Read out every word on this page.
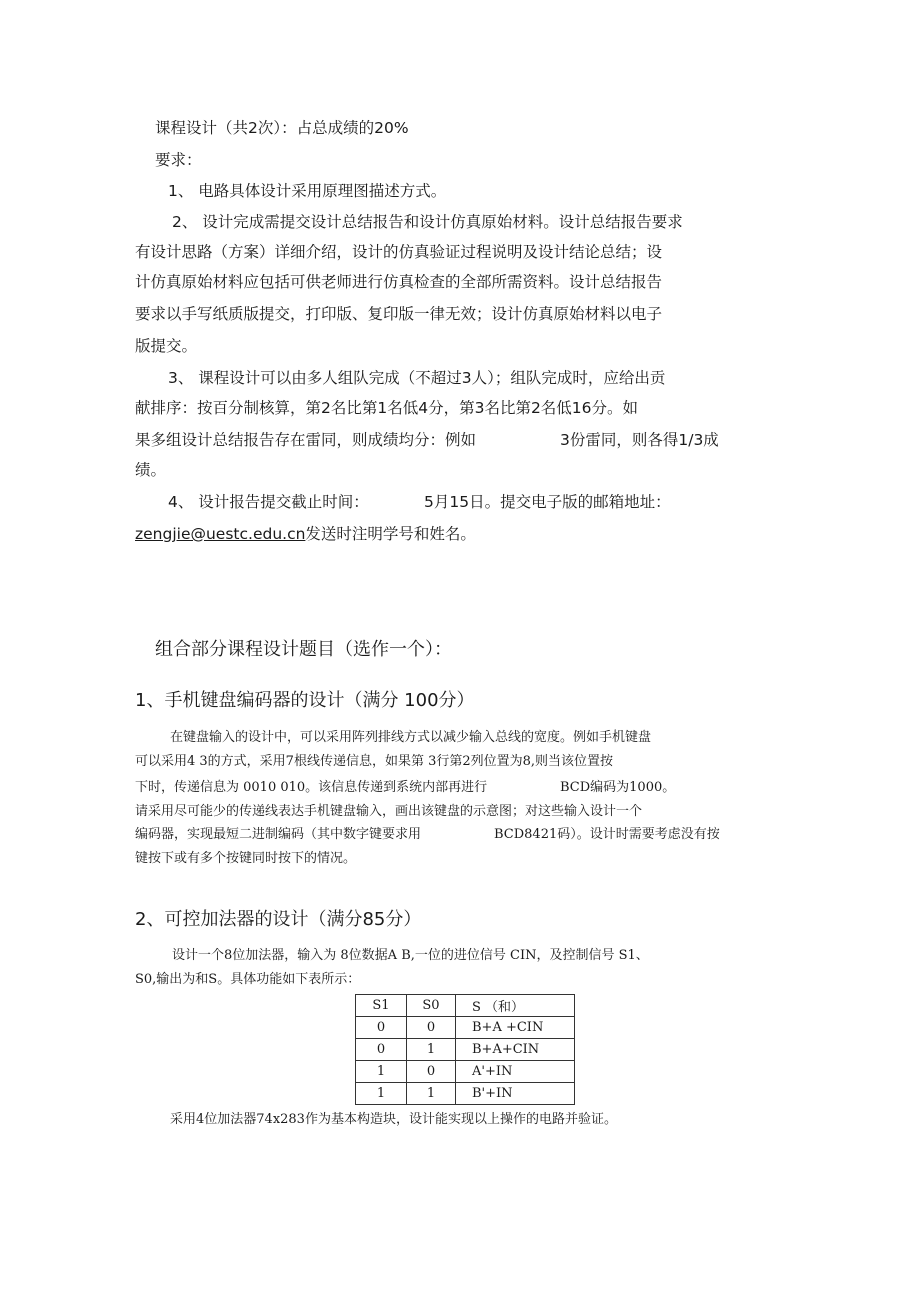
课程设计（共2次）：占总成绩的20%
要求：
1、 电路具体设计采用原理图描述方式。
2、 设计完成需提交设计总结报告和设计仿真原始材料。设计总结报告要求
有设计思路（方案）详细介绍，设计的仿真验证过程说明及设计结论总结；设
计仿真原始材料应包括可供老师进行仿真检查的全部所需资料。设计总结报告
要求以手写纸质版提交，打印版、复印版一律无效；设计仿真原始材料以电子
版提交。
3、 课程设计可以由多人组队完成（不超过3人）；组队完成时，应给出贡
献排序：按百分制核算，第2名比第1名低4分，第3名比第2名低16分。如
果多组设计总结报告存在雷同，则成绩均分：例如	3份雷同，则各得1/3成
绩。
4、 设计报告提交截止时间：	5月15日。提交电子版的邮箱地址：
zengjie@uestc.edu.cn发送时注明学号和姓名。
组合部分课程设计题目（选作一个）：
1、手机键盘编码器的设计（满分 100分）
在键盘输入的设计中，可以采用阵列排线方式以减少输入总线的宽度。例如手机键盘
可以采用4 3的方式，采用7根线传递信息，如果第 3行第2列位置为8,则当该位置按
下时，传递信息为 0010 010。该信息传递到系统内部再进行	BCD编码为1000。
请采用尽可能少的传递线表达手机键盘输入，画出该键盘的示意图；对这些输入设计一个
编码器，实现最短二进制编码（其中数字键要求用	BCD8421码）。设计时需要考虑没有按
键按下或有多个按键同时按下的情况。
2、可控加法器的设计（满分85分）
设计一个8位加法器，输入为 8位数据A B,一位的进位信号 CIN，及控制信号 S1、
S0,输出为和S。具体功能如下表所示：
S1	S0	S （和）
0	0	B+A +CIN
0	1	B+A+CIN
1	0	A'+IN
1	1	B'+IN
采用4位加法器74x283作为基本构造块，设计能实现以上操作的电路并验证。
